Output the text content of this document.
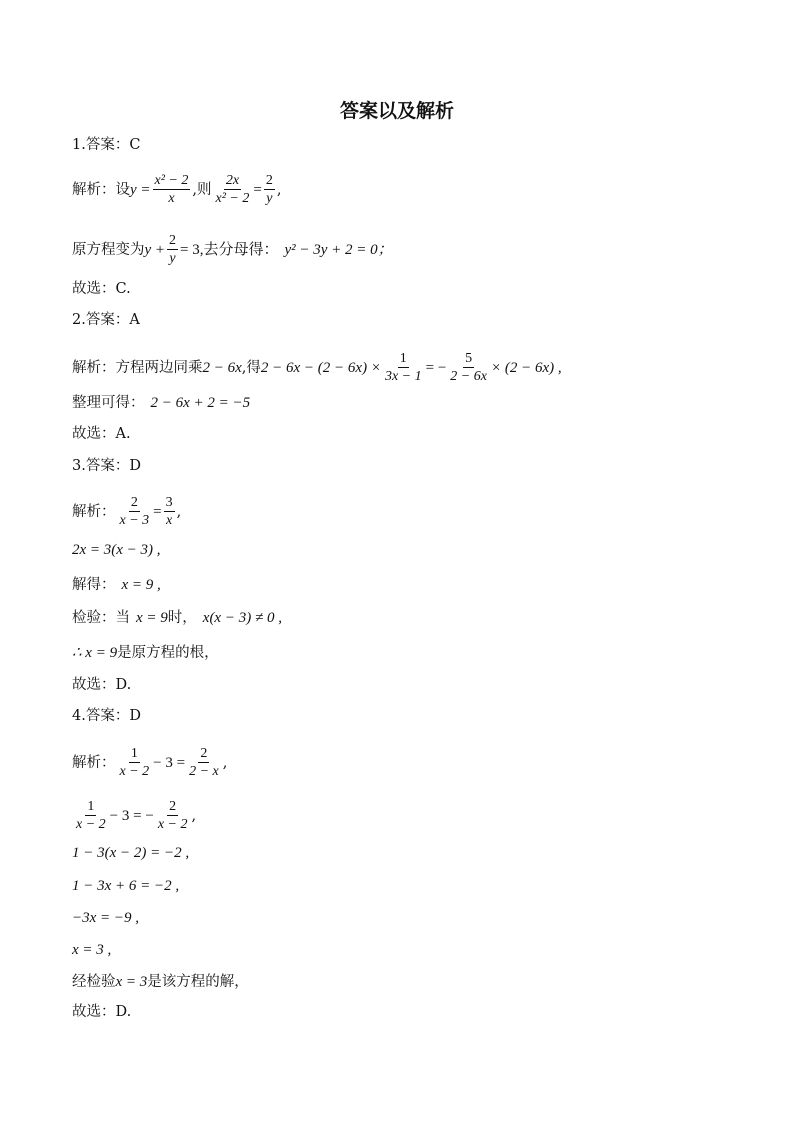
答案以及解析
1.答案：C
解析：设 $y = \frac{\text{x² − 2}}{x}$ ,则 $\frac{2x}{\text{x² − 2}} = \frac{2}{y}$ ,
原方程变为 $y + \frac{2}{y} = 3$,去分母得： y² − 3y + 2 = 0；
故选：C.
2.答案：A
解析：方程两边同乘 2 − 6x ,得 $2 - 6x - (2 - 6x) \times \frac{1}{3x - 1}$ = − $\frac{5}{2 - 6x} \times (2 - 6x)$ ,
整理可得： 2 − 6x + 2 = −5
故选：A.
3.答案：D
解析： $\frac{2}{x - 3} = \frac{3}{x}$ ,
2x = 3(x − 3) ,
解得： x = 9 ,
检验：当 x = 9 时， x(x − 3) ≠ 0 ,
∴ x = 9 是原方程的根，
故选：D.
4.答案：D
解析： $\frac{1}{x - 2} - 3 = \frac{2}{2 - x}$ ,
$\frac{1}{x - 2} - 3$ = − $\frac{2}{x - 2}$ ,
1 − 3(x − 2) = −2 ,
1 − 3x + 6 = −2 ,
−3x = −9 ,
x = 3 ,
经检验 x = 3 是该方程的解，
故选：D.
